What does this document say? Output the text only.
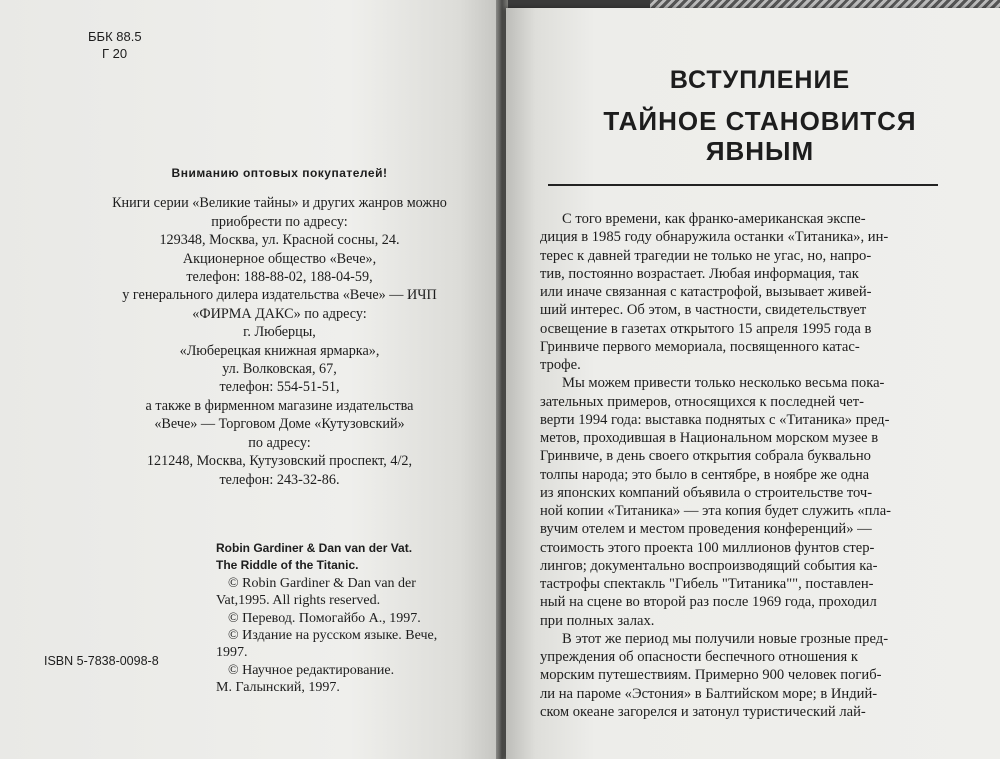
ББК 88.5
Г 20
Вниманию оптовых покупателей!
Книги серии «Великие тайны» и других жанров можно
приобрести по адресу:
129348, Москва, ул. Красной сосны, 24.
Акционерное общество «Вече»,
телефон: 188-88-02, 188-04-59,
у генерального дилера издательства «Вече» — ИЧП
«ФИРМА ДАКС» по адресу:
г. Люберцы,
«Люберецкая книжная ярмарка»,
ул. Волковская, 67,
телефон: 554-51-51,
а также в фирменном магазине издательства
«Вече» — Торговом Доме «Кутузовский»
по адресу:
121248, Москва, Кутузовский проспект, 4/2,
телефон: 243-32-86.
Robin Gardiner & Dan van der Vat.
The Riddle of the Titanic.
© Robin Gardiner & Dan van der
Vat,1995. All rights reserved.
© Перевод. Помогайбо А., 1997.
© Издание на русском языке. Вече,
1997.
© Научное редактирование.
М. Галынский, 1997.
ISBN 5-7838-0098-8
ВСТУПЛЕНИЕ
ТАЙНОЕ СТАНОВИТСЯ
ЯВНЫМ
С того времени, как франко-американская экспе-
диция в 1985 году обнаружила останки «Титаника», ин-
терес к давней трагедии не только не угас, но, напро-
тив, постоянно возрастает. Любая информация, так
или иначе связанная с катастрофой, вызывает живей-
ший интерес. Об этом, в частности, свидетельствует
освещение в газетах открытого 15 апреля 1995 года в
Гринвиче первого мемориала, посвященного катас-
трофе.
Мы можем привести только несколько весьма пока-
зательных примеров, относящихся к последней чет-
верти 1994 года: выставка поднятых с «Титаника» пред-
метов, проходившая в Национальном морском музее в
Гринвиче, в день своего открытия собрала буквально
толпы народа; это было в сентябре, в ноябре же одна
из японских компаний объявила о строительстве точ-
ной копии «Титаника» — эта копия будет служить «пла-
вучим отелем и местом проведения конференций» —
стоимость этого проекта 100 миллионов фунтов стер-
лингов; документально воспроизводящий события ка-
тастрофы спектакль "Гибель "Титаника"", поставлен-
ный на сцене во второй раз после 1969 года, проходил
при полных залах.
В этот же период мы получили новые грозные пред-
упреждения об опасности беспечного отношения к
морским путешествиям. Примерно 900 человек погиб-
ли на пароме «Эстония» в Балтийском море; в Индий-
ском океане загорелся и затонул туристический лай-
